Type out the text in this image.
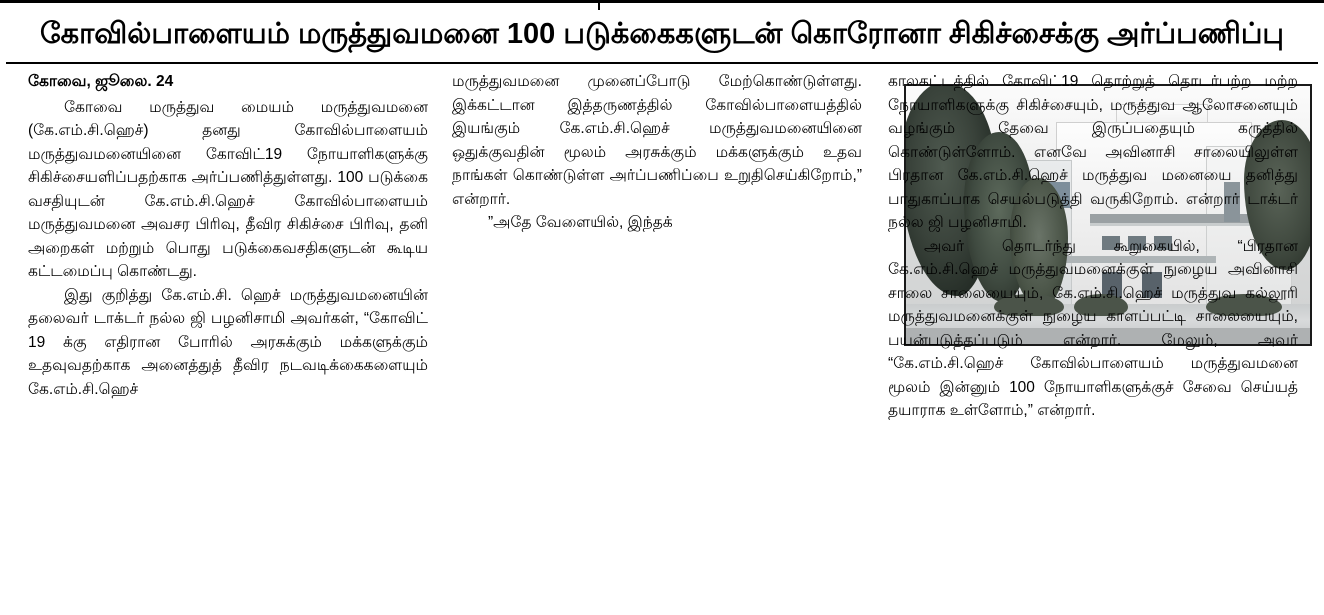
கோவில்பாளையம் மருத்துவமனை 100 படுக்கைகளுடன் கொரோனா சிகிச்சைக்கு அர்ப்பணிப்பு

கோவை, ஜூலை. 24

கோவை மருத்துவ மையம் மருத்துவமனை (கே.எம்.சி.ஹெச்) தனது கோவில்பாளையம் மருத்துவமனையினை கோவிட்19 நோயாளிகளுக்கு சிகிச்சையளிப்பதற்காக அர்ப்பணித்துள்ளது. 100 படுக்கை வசதியுடன் கே.எம்.சி.ஹெச் கோவில்பாளையம் மருத்துவமனை அவசர பிரிவு, தீவிர சிகிச்சை பிரிவு, தனி அறைகள் மற்றும் பொது படுக்கைவசதிகளுடன் கூடிய கட்டமைப்பு கொண்டது.

இது குறித்து கே.எம்.சி. ஹெச் மருத்துவமனையின் தலைவர் டாக்டர் நல்ல ஜி பழனிசாமி அவர்கள், “கோவிட் 19 க்கு எதிரான போரில் அரசுக்கும் மக்களுக்கும் உதவுவதற்காக அனைத்துத் தீவிர நடவடிக்கைகளையும் கே.எம்.சி.ஹெச்

மருத்துவமனை முனைப்போடு மேற்கொண்டுள்ளது. இக்கட்டான இத்தருணத்தில் கோவில்பாளையத்தில் இயங்கும் கே.எம்.சி.ஹெச் மருத்துவமனையினை ஒதுக்குவதின் மூலம் அரசுக்கும் மக்களுக்கும் உதவ நாங்கள் கொண்டுள்ள அர்ப்பணிப்பை உறுதிசெய்கிறோம்,” என்றார்.

”அதே வேளையில், இந்தக்

காலகட்டத்தில் கோவிட்19 தொற்றுத் தொடர்பற்ற மற்ற நோயாளிகளுக்கு சிகிச்சையும், மருத்துவ ஆலோசனையும் வழங்கும் தேவை இருப்பதையும் கருத்தில் கொண்டுள்ளோம். எனவே அவினாசி சாலையிலுள்ள பிரதான கே.எம்.சி.ஹெச் மருத்துவ மனையை தனித்து பாதுகாப்பாக செயல்படுத்தி வருகிறோம். என்றார் டாக்டர் நல்ல ஜி பழனிசாமி.

அவர் தொடர்ந்து கூறுகையில், “பிரதான கே.எம்.சி.ஹெச் மருத்துவமனைக்குள் நுழைய அவினாசி சாலை சாலையையும், கே.எம்.சி.ஹெச் மருத்துவ கல்லூரி மருத்துவமனைக்குள் நுழைய காளப்பட்டி சாலையையும், பயன்படுத்தப்படும் என்றார். மேலும், அவர் “கே.எம்.சி.ஹெச் கோவில்பாளையம் மருத்துவமனை மூலம் இன்னும் 100 நோயாளிகளுக்குச் சேவை செய்யத் தயாராக உள்ளோம்,” என்றார்.
